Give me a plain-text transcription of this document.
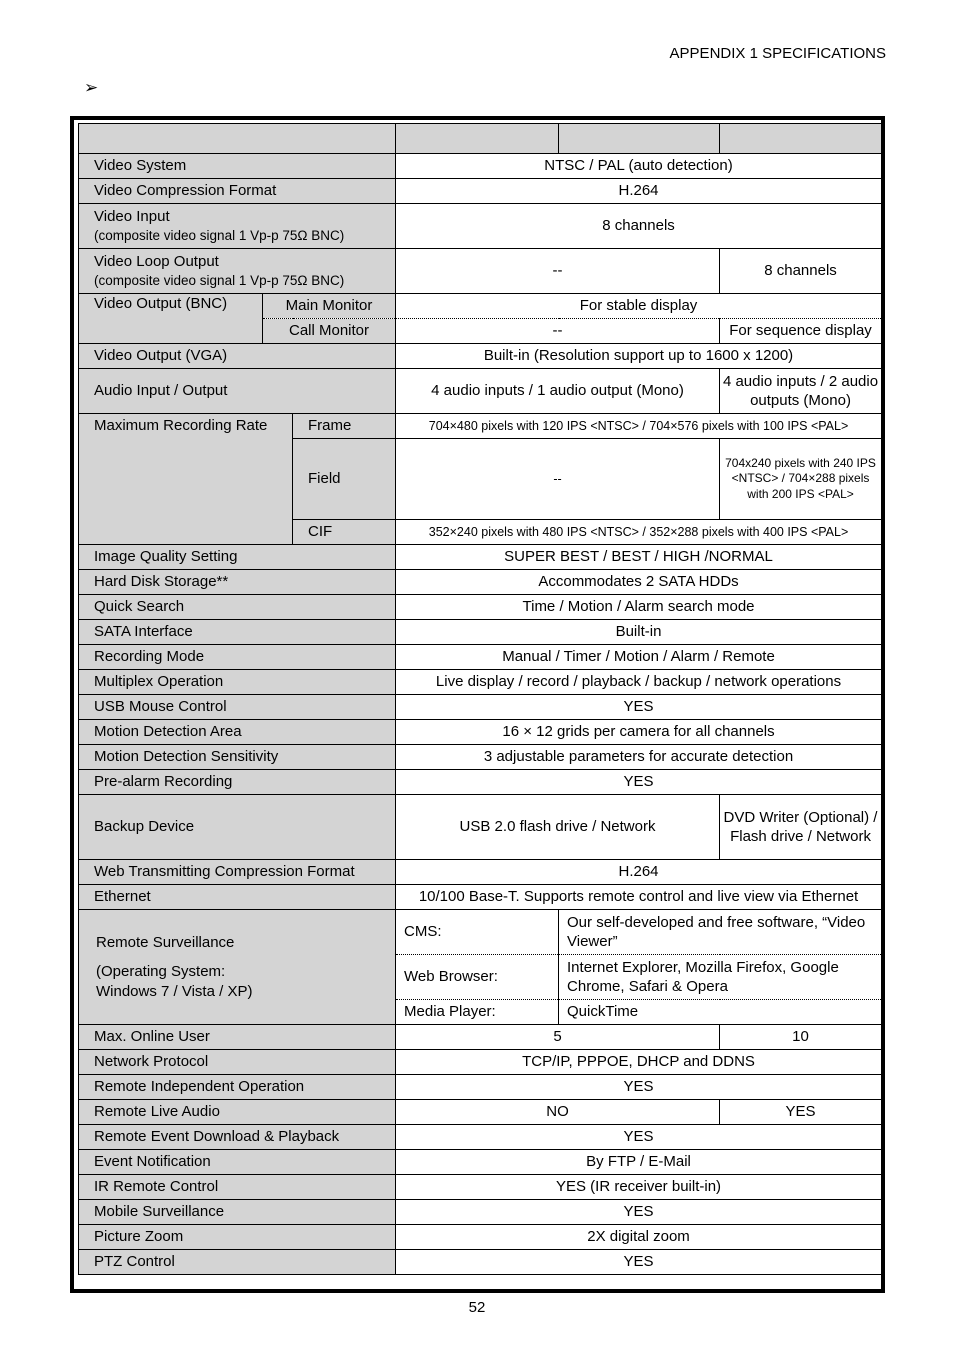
APPENDIX 1 SPECIFICATIONS
➢

Video System			NTSC / PAL (auto detection)		
Video Compression Format			H.264		
Video Input
(composite video signal 1 Vp-p 75Ω BNC)			8 channels		
Video Loop Output
(composite video signal 1 Vp-p 75Ω BNC)			--		8 channels
Video Output (BNC)	Main Monitor		For stable display		
	Call Monitor		--		For sequence display
Video Output (VGA)			Built-in (Resolution support up to 1600 x 1200)		
Audio Input / Output			4 audio inputs / 1 audio output (Mono)		4 audio inputs / 2 audio outputs (Mono)
Maximum Recording Rate		Frame	704×480 pixels with 120 IPS <NTSC> / 704×576 pixels with 100 IPS <PAL>		
		Field	--		704x240 pixels with 240 IPS <NTSC> / 704×288 pixels with 200 IPS <PAL>
		CIF	352×240 pixels with 480 IPS <NTSC> / 352×288 pixels with 400 IPS <PAL>		
Image Quality Setting			SUPER BEST / BEST / HIGH /NORMAL		
Hard Disk Storage**			Accommodates 2 SATA HDDs		
Quick Search			Time / Motion / Alarm search mode		
SATA Interface			Built-in		
Recording Mode			Manual / Timer / Motion / Alarm / Remote		
Multiplex Operation			Live display / record / playback / backup / network operations		
USB Mouse Control			YES		
Motion Detection Area			16 × 12 grids per camera for all channels		
Motion Detection Sensitivity			3 adjustable parameters for accurate detection		
Pre-alarm Recording			YES		
Backup Device			USB 2.0 flash drive / Network		DVD Writer (Optional) / Flash drive / Network
Web Transmitting Compression Format			H.264		
Ethernet			10/100 Base-T. Supports remote control and live view via Ethernet		

Remote Surveillance
(Operating System: Windows 7 / Vista / XP)			CMS:	Our self-developed and free software, “Video Viewer”	
			Web Browser:	Internet Explorer, Mozilla Firefox, Google Chrome, Safari & Opera	
			Media Player:	QuickTime	
Max. Online User			5		10
Network Protocol			TCP/IP, PPPOE, DHCP and DDNS		
Remote Independent Operation			YES		
Remote Live Audio			NO		YES
Remote Event Download & Playback			YES		
Event Notification			By FTP / E-Mail		
IR Remote Control			YES (IR receiver built-in)		
Mobile Surveillance			YES		
Picture Zoom			2X digital zoom		
PTZ Control			YES		
52
